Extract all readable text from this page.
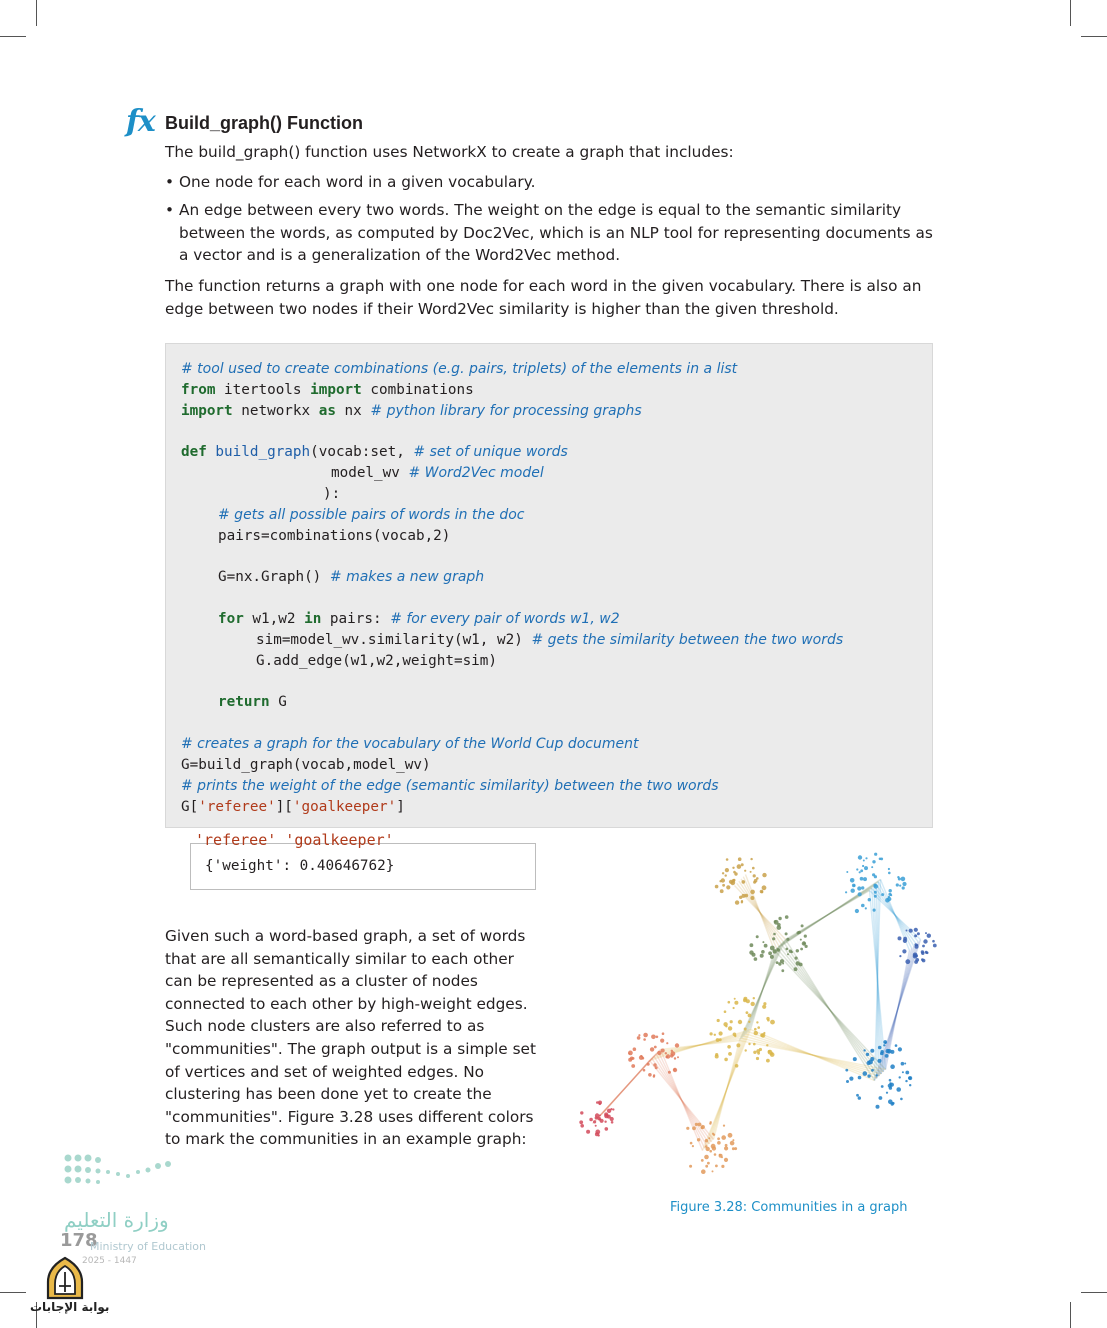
fx Build_graph() Function
The build_graph() function uses NetworkX to create a graph that includes:
• One node for each word in a given vocabulary.
• An edge between every two words. The weight on the edge is equal to the semantic similarity between the words, as computed by Doc2Vec, which is an NLP tool for representing documents as a vector and is a generalization of the Word2Vec method.
The function returns a graph with one node for each word in the given vocabulary. There is also an edge between two nodes if their Word2Vec similarity is higher than the given threshold.
# tool used to create combinations (e.g. pairs, triplets) of the elements in a list
from itertools import combinations
import networkx as nx # python library for processing graphs
def build_graph(vocab:set, # set of unique words
model_wv # Word2Vec model
):
# gets all possible pairs of words in the doc
pairs=combinations(vocab,2)
G=nx.Graph() # makes a new graph
for w1,w2 in pairs: # for every pair of words w1, w2
sim=model_wv.similarity(w1, w2) # gets the similarity between the two words
G.add_edge(w1,w2,weight=sim)
return G
# creates a graph for the vocabulary of the World Cup document
G=build_graph(vocab,model_wv)
# prints the weight of the edge (semantic similarity) between the two words
G['referee']['goalkeeper']
'referee' 'goalkeeper'
{'weight': 0.40646762}
Given such a word-based graph, a set of words that are all semantically similar to each other can be represented as a cluster of nodes connected to each other by high-weight edges. Such node clusters are also referred to as "communities". The graph output is a simple set of vertices and set of weighted edges. No clustering has been done yet to create the "communities". Figure 3.28 uses different colors to mark the communities in an example graph:
Figure 3.28: Communities in a graph
وزارة التعليم
178
Ministry of Education
2025 - 1447
بوابة الإجابات
